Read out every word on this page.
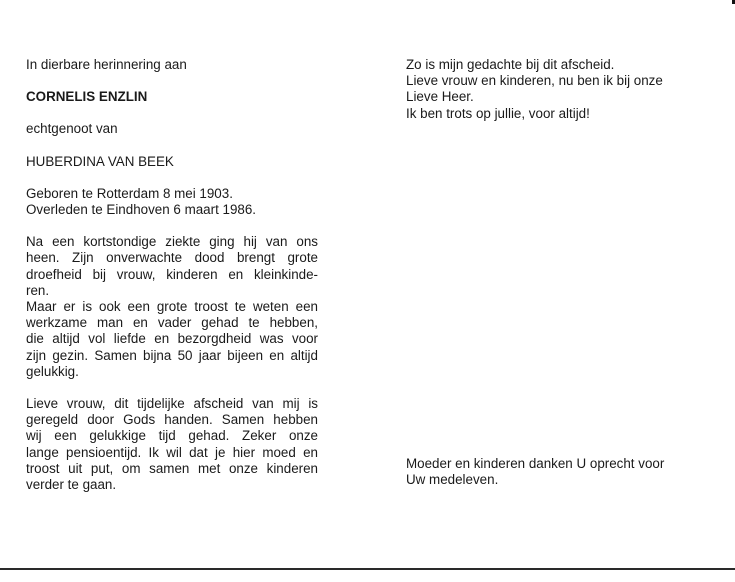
In dierbare herinnering aan
CORNELIS ENZLIN
echtgenoot van
HUBERDINA VAN BEEK
Geboren te Rotterdam 8 mei 1903.
Overleden te Eindhoven 6 maart 1986.
Na een kortstondige ziekte ging hij van ons
heen. Zijn onverwachte dood brengt grote
droefheid bij vrouw, kinderen en kleinkinde-
ren.
Maar er is ook een grote troost te weten een
werkzame man en vader gehad te hebben,
die altijd vol liefde en bezorgdheid was voor
zijn gezin. Samen bijna 50 jaar bijeen en altijd
gelukkig.
Lieve vrouw, dit tijdelijke afscheid van mij is
geregeld door Gods handen. Samen hebben
wij een gelukkige tijd gehad. Zeker onze
lange pensioentijd. Ik wil dat je hier moed en
troost uit put, om samen met onze kinderen
verder te gaan.
Zo is mijn gedachte bij dit afscheid.
Lieve vrouw en kinderen, nu ben ik bij onze
Lieve Heer.
Ik ben trots op jullie, voor altijd!
Moeder en kinderen danken U oprecht voor
Uw medeleven.
